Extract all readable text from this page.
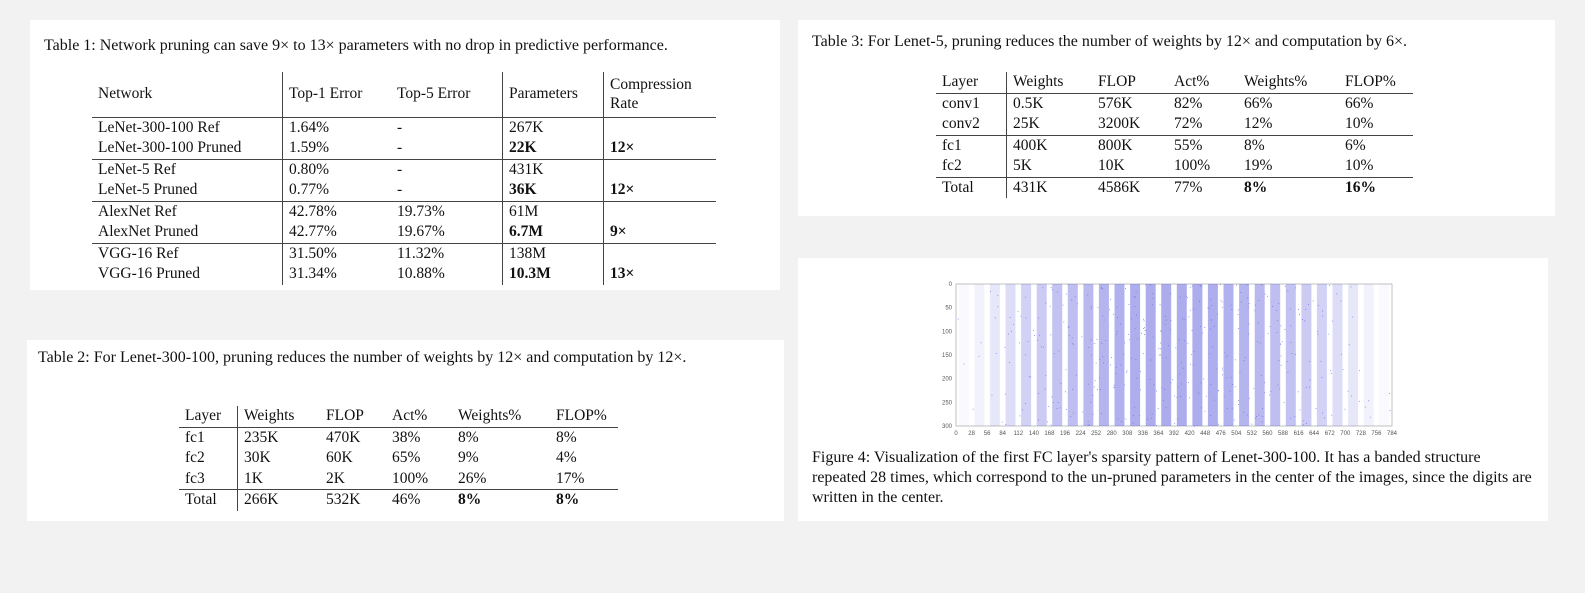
Table 1: Network pruning can save 9× to 13× parameters with no drop in predictive performance.
Network	Top-1 Error	Top-5 Error	Parameters	Compression
Rate

LeNet-300-100 Ref	1.64%	-	267K	
LeNet-300-100 Pruned	1.59%	-	22K	12×
LeNet-5 Ref	0.80%	-	431K	
LeNet-5 Pruned	0.77%	-	36K	12×
AlexNet Ref	42.78%	19.73%	61M	
AlexNet Pruned	42.77%	19.67%	6.7M	9×
VGG-16 Ref	31.50%	11.32%	138M	
VGG-16 Pruned	31.34%	10.88%	10.3M	13×
Table 2: For Lenet-300-100, pruning reduces the number of weights by 12× and computation by 12×.
Layer	Weights	FLOP	Act%	Weights%	FLOP%
fc1	235K	470K	38%	8%	8%
fc2	30K	60K	65%	9%	4%
fc3	1K	2K	100%	26%	17%
Total	266K	532K	46%	8%	8%
Table 3: For Lenet-5, pruning reduces the number of weights by 12× and computation by 6×.
Layer	Weights	FLOP	Act%	Weights%	FLOP%
conv1	0.5K	576K	82%	66%	66%
conv2	25K	3200K	72%	12%	10%
fc1	400K	800K	55%	8%	6%
fc2	5K	10K	100%	19%	10%
Total	431K	4586K	77%	8%	16%
0 28 56 84 112 140 168 196 224 252 280 308 336 364 392 420 448 476 504 532 560 588 616 644 672 700 728 756 784
0
50
100
150
200
250
300
Figure 4: Visualization of the first FC layer's sparsity pattern of Lenet-300-100. It has a banded structure repeated 28 times, which correspond to the un-pruned parameters in the center of the images, since the digits are written in the center.
